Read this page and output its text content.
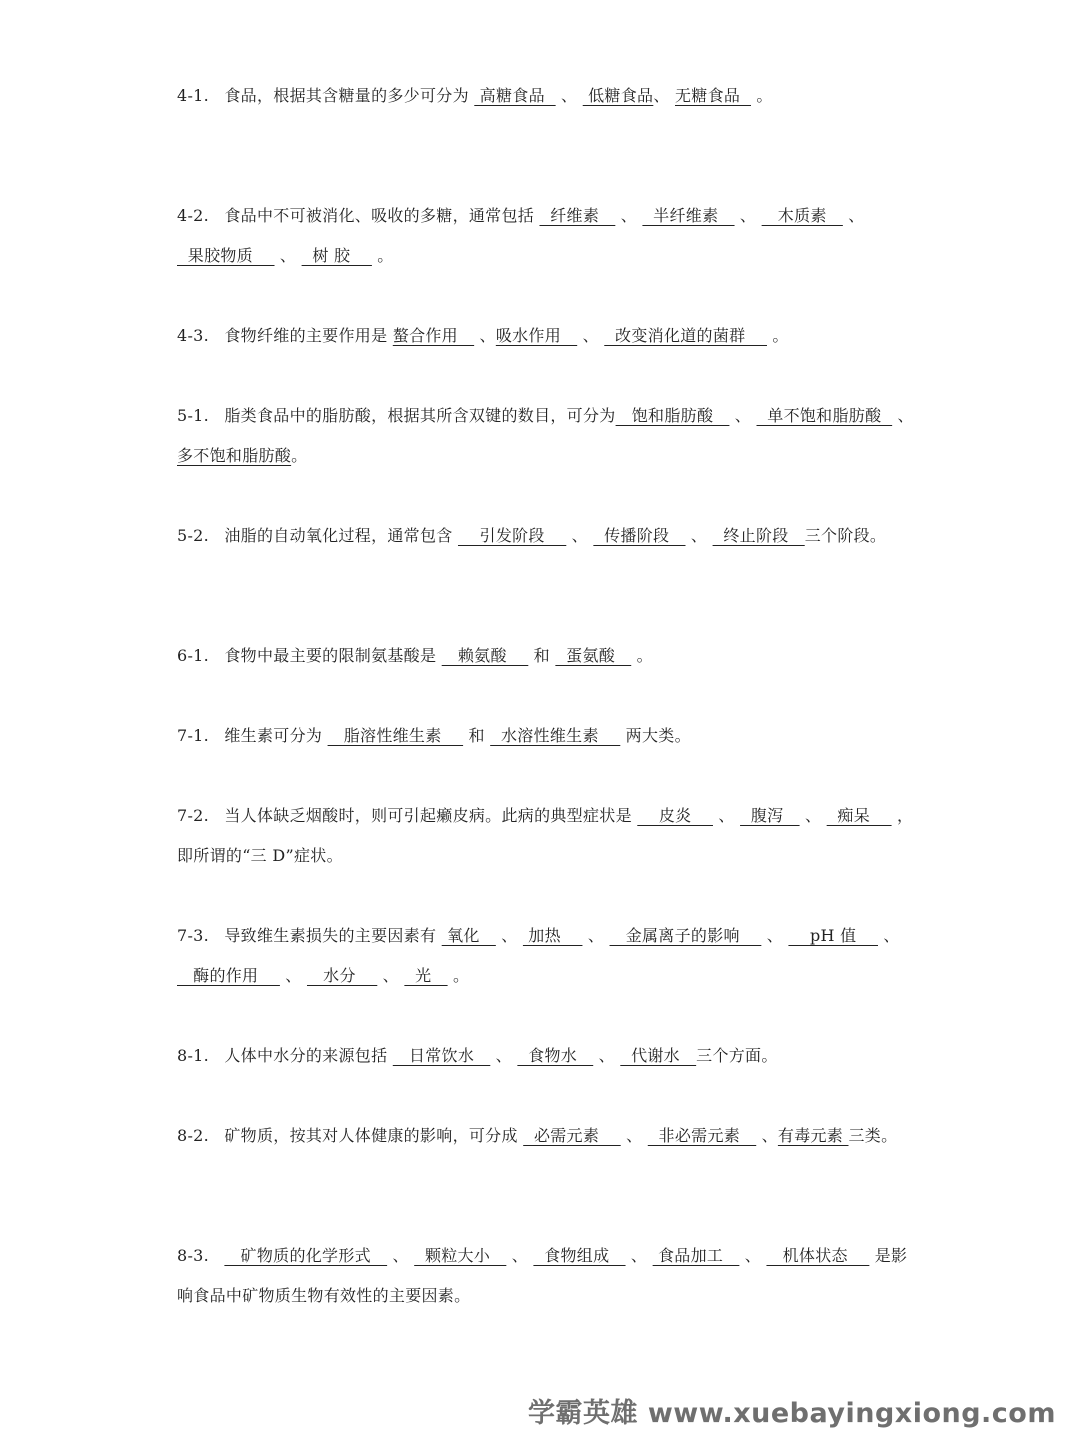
4-1. 食品，根据其含糖量的多少可分为  高糖食品   、  低糖食品、 无糖食品   。
4-2. 食品中不可被消化、吸收的多糖，通常包括   纤维素    、   半纤维素    、    木质素    、   果胶物质     、   树 胶     。
4-3. 食物纤维的主要作用是 螯合作用    、吸水作用    、   改变消化道的菌群     。
5-1. 脂类食品中的脂肪酸，根据其所含双键的数目，可分为   饱和脂肪酸    、   单不饱和脂肪酸   、多不饱和脂肪酸。
5-2. 油脂的自动氧化过程，通常包含     引发阶段     、   传播阶段    、   终止阶段   三个阶段。
6-1. 食物中最主要的限制氨基酸是    赖氨酸     和   蛋氨酸    。
7-1. 维生素可分为    脂溶性维生素     和   水溶性维生素     两大类。
7-2. 当人体缺乏烟酸时，则可引起癞皮病。此病的典型症状是     皮炎     、   腹泻    、   痴呆     ，即所谓的“三 D”症状。
7-3. 导致维生素损失的主要因素有  氧化    、  加热     、    金属离子的影响     、     pH 值     、    酶的作用     、    水分     、   光    。
8-1. 人体中水分的来源包括    日常饮水    、   食物水    、   代谢水   三个方面。
8-2. 矿物质，按其对人体健康的影响，可分成   必需元素     、   非必需元素    、有毒元素 三类。
8-3.    矿物质的化学形式    、   颗粒大小    、   食物组成    、  食品加工    、    机体状态     是影响食品中矿物质生物有效性的主要因素。
学霸英雄 www.xuebayingxiong.com
